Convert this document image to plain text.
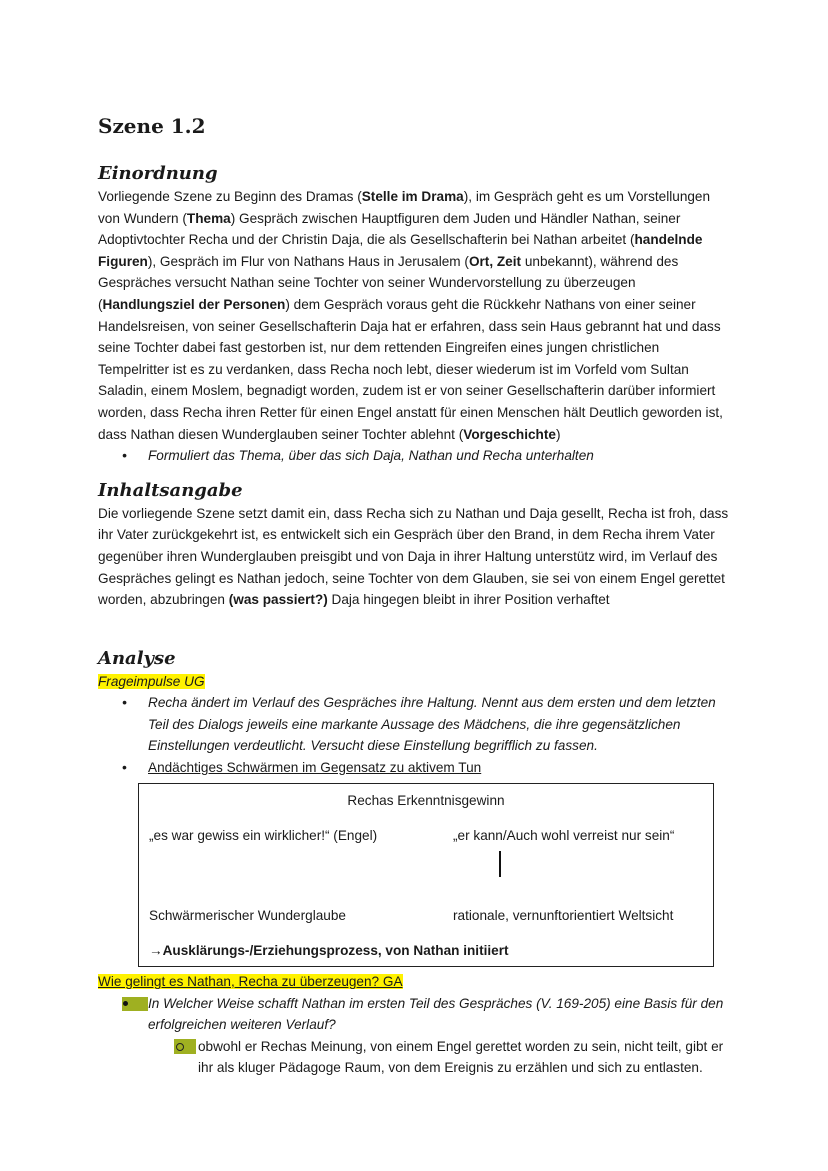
Szene 1.2
Einordnung

Vorliegende Szene zu Beginn des Dramas (Stelle im Drama), im Gespräch geht es um Vorstellungen von Wundern (Thema) Gespräch zwischen Hauptfiguren dem Juden und Händler Nathan, seiner Adoptivtochter Recha und der Christin Daja, die als Gesellschafterin bei Nathan arbeitet (handelnde Figuren), Gespräch im Flur von Nathans Haus in Jerusalem (Ort, Zeit unbekannt), während des Gespräches versucht Nathan seine Tochter von seiner Wundervorstellung zu überzeugen (Handlungsziel der Personen) dem Gespräch voraus geht die Rückkehr Nathans von einer seiner Handelsreisen, von seiner Gesellschafterin Daja hat er erfahren, dass sein Haus gebrannt hat und dass seine Tochter dabei fast gestorben ist, nur dem rettenden Eingreifen eines jungen christlichen Tempelritter ist es zu verdanken, dass Recha noch lebt, dieser wiederum ist im Vorfeld vom Sultan Saladin, einem Moslem, begnadigt worden, zudem ist er von seiner Gesellschafterin darüber informiert worden, dass Recha ihren Retter für einen Engel anstatt für einen Menschen hält Deutlich geworden ist, dass Nathan diesen Wunderglauben seiner Tochter ablehnt (Vorgeschichte)

• Formuliert das Thema, über das sich Daja, Nathan und Recha unterhalten
Inhaltsangabe

Die vorliegende Szene setzt damit ein, dass Recha sich zu Nathan und Daja gesellt, Recha ist froh, dass ihr Vater zurückgekehrt ist, es entwickelt sich ein Gespräch über den Brand, in dem Recha ihrem Vater gegenüber ihren Wunderglauben preisgibt und von Daja in ihrer Haltung unterstütz wird, im Verlauf des Gespräches gelingt es Nathan jedoch, seine Tochter von dem Glauben, sie sei von einem Engel gerettet worden, abzubringen (was passiert?) Daja hingegen bleibt in ihrer Position verhaftet

Analyse

Frageimpulse UG

• Recha ändert im Verlauf des Gespräches ihre Haltung. Nennt aus dem ersten und dem letzten Teil des Dialogs jeweils eine markante Aussage des Mädchens, die ihre gegensätzlichen Einstellungen verdeutlicht. Versucht diese Einstellung begrifflich zu fassen.
• Andächtiges Schwärmen im Gegensatz zu aktivem Tun
Rechas Erkenntnisgewinn
„es war gewiss ein wirklicher!“ (Engel)	„er kann/Auch wohl verreist nur sein“
Schwärmerischer Wunderglaube	rationale, vernunftorientiert Weltsicht
→Ausklärungs-/Erziehungsprozess, von Nathan initiiert

Wie gelingt es Nathan, Recha zu überzeugen? GA

In Welcher Weise schafft Nathan im ersten Teil des Gespräches (V. 169-205) eine Basis für den erfolgreichen weiteren Verlauf?
obwohl er Rechas Meinung, von einem Engel gerettet worden zu sein, nicht teilt, gibt er ihr als kluger Pädagoge Raum, von dem Ereignis zu erzählen und sich zu entlasten.
